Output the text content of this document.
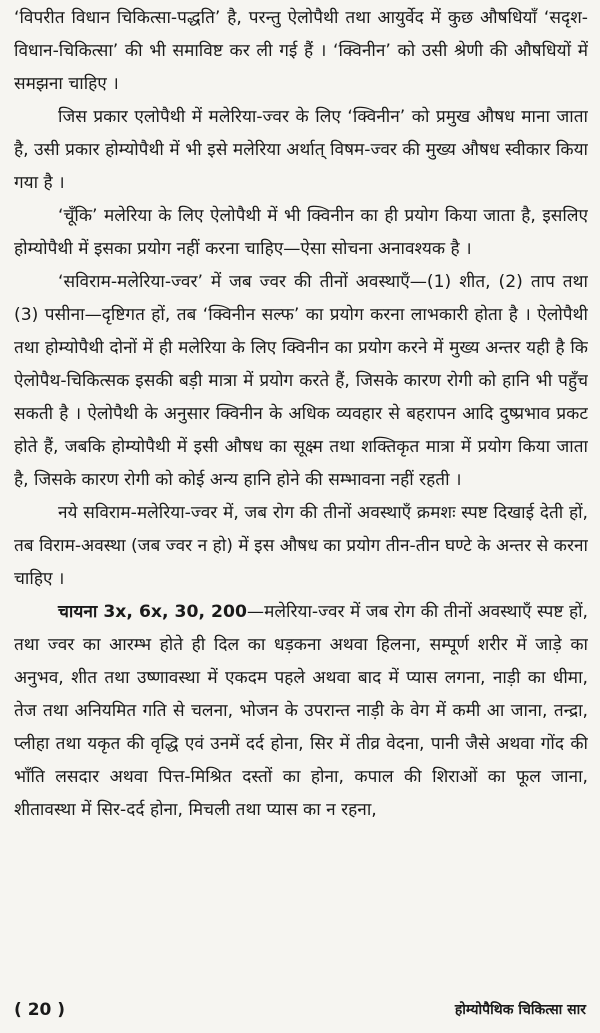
‘विपरीत विधान चिकित्सा-पद्धति’ है, परन्तु ऐलोपैथी तथा आयुर्वेद में कुछ औषधियाँ ‘सदृश-विधान-चिकित्सा’ की भी समाविष्ट कर ली गई हैं । ‘क्विनीन’ को उसी श्रेणी की औषधियों में समझना चाहिए ।

जिस प्रकार एलोपैथी में मलेरिया-ज्वर के लिए ‘क्विनीन’ को प्रमुख औषध माना जाता है, उसी प्रकार होम्योपैथी में भी इसे मलेरिया अर्थात् विषम-ज्वर की मुख्य औषध स्वीकार किया गया है ।

‘चूँकि’ मलेरिया के लिए ऐलोपैथी में भी क्विनीन का ही प्रयोग किया जाता है, इसलिए होम्योपैथी में इसका प्रयोग नहीं करना चाहिए—ऐसा सोचना अनावश्यक है ।

‘सविराम-मलेरिया-ज्वर’ में जब ज्वर की तीनों अवस्थाएँ—(1) शीत, (2) ताप तथा (3) पसीना—दृष्टिगत हों, तब ‘क्विनीन सल्फ’ का प्रयोग करना लाभकारी होता है । ऐलोपैथी तथा होम्योपैथी दोनों में ही मलेरिया के लिए क्विनीन का प्रयोग करने में मुख्य अन्तर यही है कि ऐलोपैथ-चिकित्सक इसकी बड़ी मात्रा में प्रयोग करते हैं, जिसके कारण रोगी को हानि भी पहुँच सकती है । ऐलोपैथी के अनुसार क्विनीन के अधिक व्यवहार से बहरापन आदि दुष्प्रभाव प्रकट होते हैं, जबकि होम्योपैथी में इसी औषध का सूक्ष्म तथा शक्तिकृत मात्रा में प्रयोग किया जाता है, जिसके कारण रोगी को कोई अन्य हानि होने की सम्भावना नहीं रहती ।

नये सविराम-मलेरिया-ज्वर में, जब रोग की तीनों अवस्थाएँ क्रमशः स्पष्ट दिखाई देती हों, तब विराम-अवस्था (जब ज्वर न हो) में इस औषध का प्रयोग तीन-तीन घण्टे के अन्तर से करना चाहिए ।

चायना 3x, 6x, 30, 200—मलेरिया-ज्वर में जब रोग की तीनों अवस्थाएँ स्पष्ट हों, तथा ज्वर का आरम्भ होते ही दिल का धड़कना अथवा हिलना, सम्पूर्ण शरीर में जाड़े का अनुभव, शीत तथा उष्णावस्था में एकदम पहले अथवा बाद में प्यास लगना, नाड़ी का धीमा, तेज तथा अनियमित गति से चलना, भोजन के उपरान्त नाड़ी के वेग में कमी आ जाना, तन्द्रा, प्लीहा तथा यकृत की वृद्धि एवं उनमें दर्द होना, सिर में तीव्र वेदना, पानी जैसे अथवा गोंद की भाँति लसदार अथवा पित्त-मिश्रित दस्तों का होना, कपाल की शिराओं का फूल जाना, शीतावस्था में सिर-दर्द होना, मिचली तथा प्यास का न रहना,

( 20 )	होम्योपैथिक चिकित्सा सार
